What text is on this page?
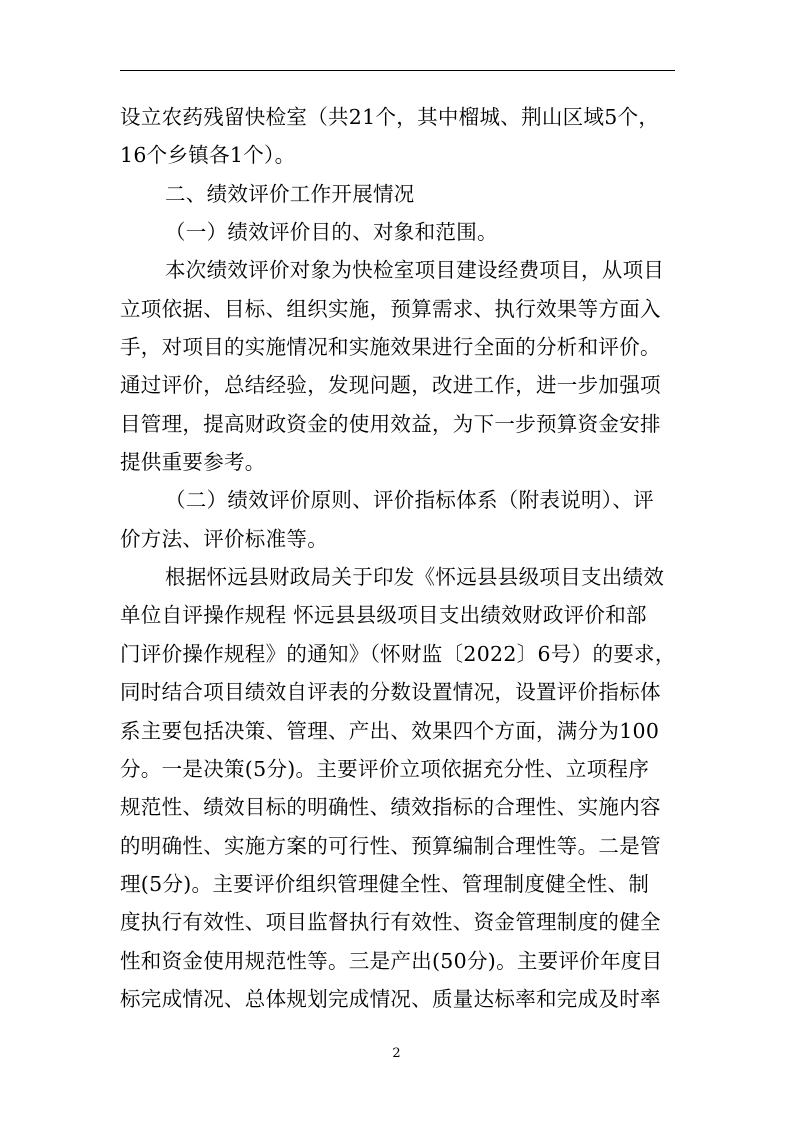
设立农药残留快检室（共21个，其中榴城、荆山区域5个，
16个乡镇各1个）。
二、绩效评价工作开展情况
（一）绩效评价目的、对象和范围。
本次绩效评价对象为快检室项目建设经费项目，从项目
立项依据、目标、组织实施，预算需求、执行效果等方面入
手，对项目的实施情况和实施效果进行全面的分析和评价。
通过评价，总结经验，发现问题，改进工作，进一步加强项
目管理，提高财政资金的使用效益，为下一步预算资金安排
提供重要参考。
（二）绩效评价原则、评价指标体系（附表说明）、评
价方法、评价标准等。
根据怀远县财政局关于印发《怀远县县级项目支出绩效
单位自评操作规程 怀远县县级项目支出绩效财政评价和部
门评价操作规程》的通知》（怀财监〔2022〕6号）的要求，
同时结合项目绩效自评表的分数设置情况，设置评价指标体
系主要包括决策、管理、产出、效果四个方面，满分为100
分。一是决策(5分)。主要评价立项依据充分性、立项程序
规范性、绩效目标的明确性、绩效指标的合理性、实施内容
的明确性、实施方案的可行性、预算编制合理性等。二是管
理(5分)。主要评价组织管理健全性、管理制度健全性、制
度执行有效性、项目监督执行有效性、资金管理制度的健全
性和资金使用规范性等。三是产出(50分)。主要评价年度目
标完成情况、总体规划完成情况、质量达标率和完成及时率
2
